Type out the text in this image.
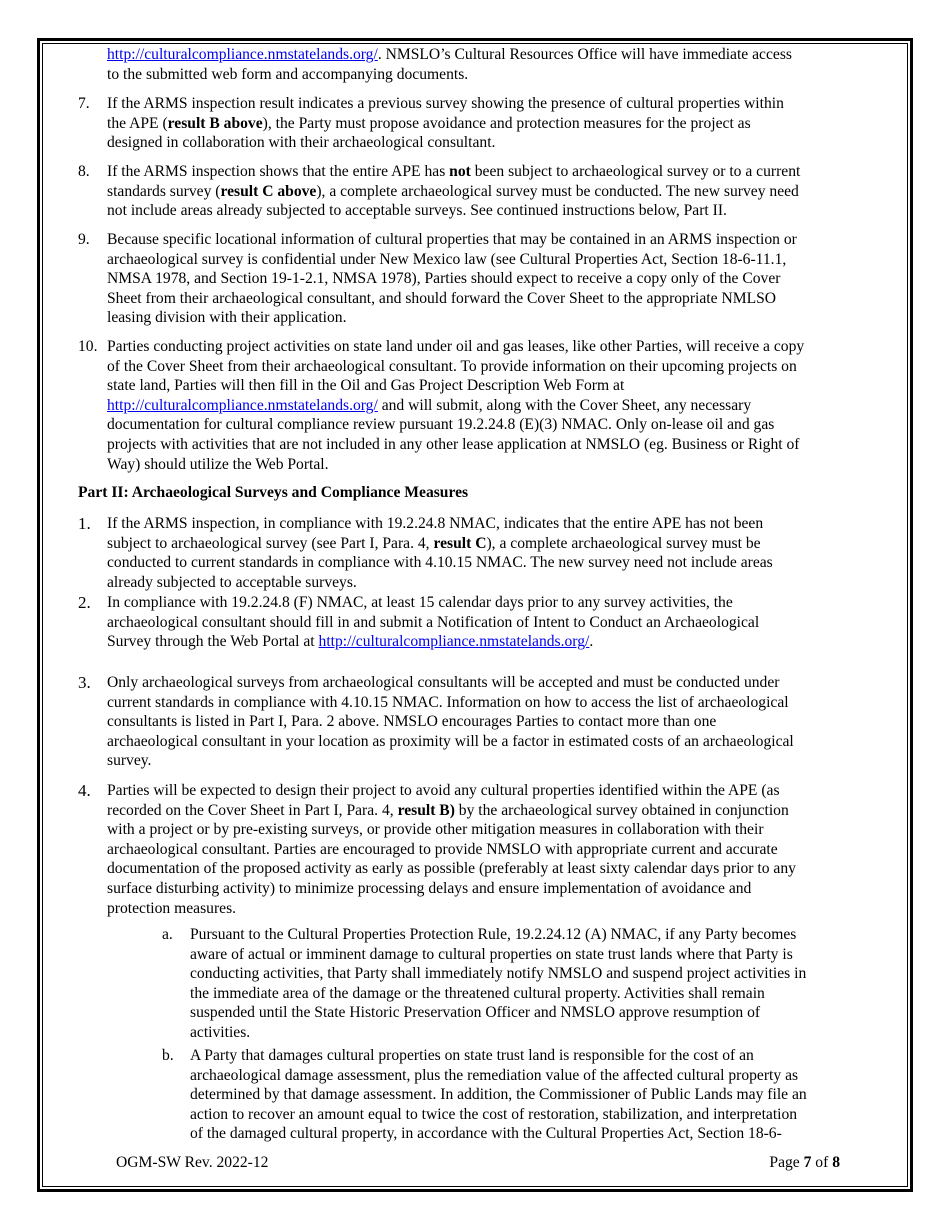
http://culturalcompliance.nmstatelands.org/. NMSLO’s Cultural Resources Office will have immediate access
to the submitted web form and accompanying documents.
7. If the ARMS inspection result indicates a previous survey showing the presence of cultural properties within
the APE (result B above), the Party must propose avoidance and protection measures for the project as
designed in collaboration with their archaeological consultant.
8. If the ARMS inspection shows that the entire APE has not been subject to archaeological survey or to a current
standards survey (result C above), a complete archaeological survey must be conducted. The new survey need
not include areas already subjected to acceptable surveys. See continued instructions below, Part II.
9. Because specific locational information of cultural properties that may be contained in an ARMS inspection or
archaeological survey is confidential under New Mexico law (see Cultural Properties Act, Section 18-6-11.1,
NMSA 1978, and Section 19-1-2.1, NMSA 1978), Parties should expect to receive a copy only of the Cover
Sheet from their archaeological consultant, and should forward the Cover Sheet to the appropriate NMLSO
leasing division with their application.
10. Parties conducting project activities on state land under oil and gas leases, like other Parties, will receive a copy
of the Cover Sheet from their archaeological consultant. To provide information on their upcoming projects on
state land, Parties will then fill in the Oil and Gas Project Description Web Form at
http://culturalcompliance.nmstatelands.org/ and will submit, along with the Cover Sheet, any necessary
documentation for cultural compliance review pursuant 19.2.24.8 (E)(3) NMAC. Only on-lease oil and gas
projects with activities that are not included in any other lease application at NMSLO (eg. Business or Right of
Way) should utilize the Web Portal.
Part II: Archaeological Surveys and Compliance Measures
1. If the ARMS inspection, in compliance with 19.2.24.8 NMAC, indicates that the entire APE has not been
subject to archaeological survey (see Part I, Para. 4, result C), a complete archaeological survey must be
conducted to current standards in compliance with 4.10.15 NMAC. The new survey need not include areas
already subjected to acceptable surveys.
2. In compliance with 19.2.24.8 (F) NMAC, at least 15 calendar days prior to any survey activities, the
archaeological consultant should fill in and submit a Notification of Intent to Conduct an Archaeological
Survey through the Web Portal at http://culturalcompliance.nmstatelands.org/.
3. Only archaeological surveys from archaeological consultants will be accepted and must be conducted under
current standards in compliance with 4.10.15 NMAC. Information on how to access the list of archaeological
consultants is listed in Part I, Para. 2 above. NMSLO encourages Parties to contact more than one
archaeological consultant in your location as proximity will be a factor in estimated costs of an archaeological
survey.
4. Parties will be expected to design their project to avoid any cultural properties identified within the APE (as
recorded on the Cover Sheet in Part I, Para. 4, result B) by the archaeological survey obtained in conjunction
with a project or by pre-existing surveys, or provide other mitigation measures in collaboration with their
archaeological consultant. Parties are encouraged to provide NMSLO with appropriate current and accurate
documentation of the proposed activity as early as possible (preferably at least sixty calendar days prior to any
surface disturbing activity) to minimize processing delays and ensure implementation of avoidance and
protection measures.
a. Pursuant to the Cultural Properties Protection Rule, 19.2.24.12 (A) NMAC, if any Party becomes
aware of actual or imminent damage to cultural properties on state trust lands where that Party is
conducting activities, that Party shall immediately notify NMSLO and suspend project activities in
the immediate area of the damage or the threatened cultural property. Activities shall remain
suspended until the State Historic Preservation Officer and NMSLO approve resumption of
activities.
b. A Party that damages cultural properties on state trust land is responsible for the cost of an
archaeological damage assessment, plus the remediation value of the affected cultural property as
determined by that damage assessment. In addition, the Commissioner of Public Lands may file an
action to recover an amount equal to twice the cost of restoration, stabilization, and interpretation
of the damaged cultural property, in accordance with the Cultural Properties Act, Section 18-6-
OGM-SW Rev. 2022-12	Page 7 of 8
